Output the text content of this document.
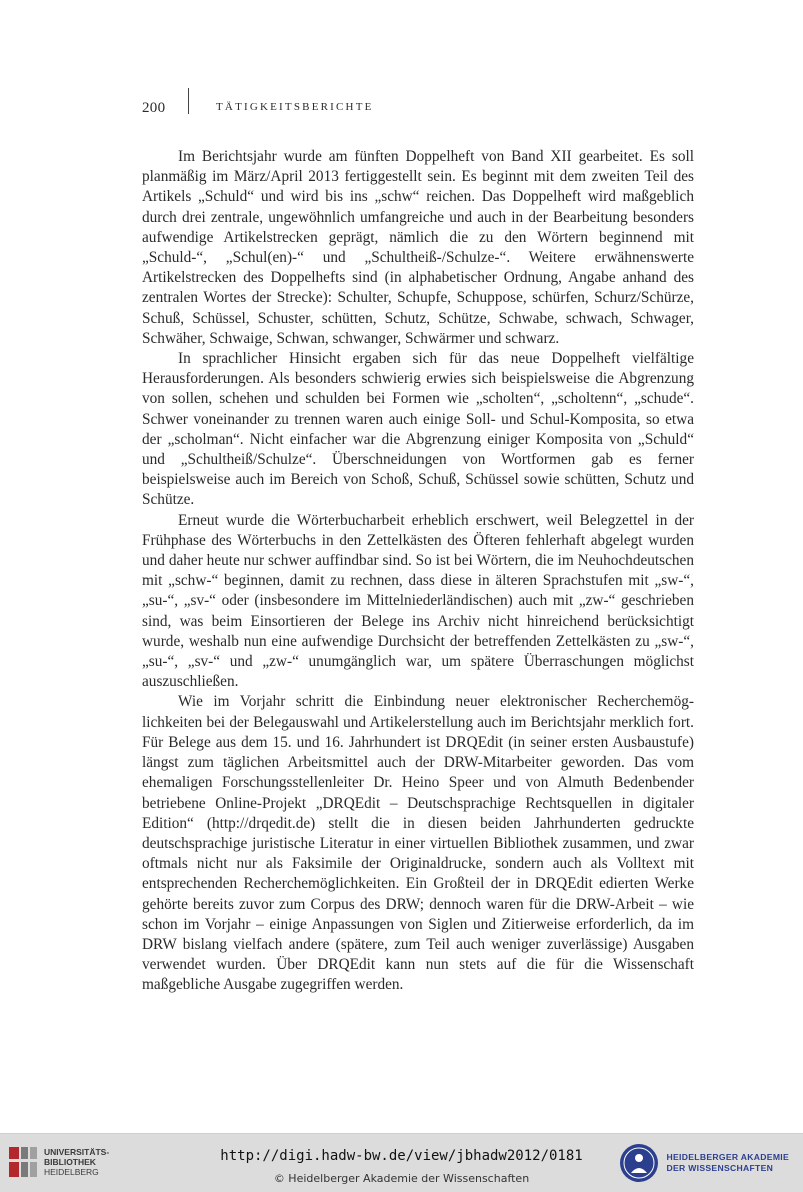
200	TÄTIGKEITSBERICHTE

Im Berichtsjahr wurde am fünften Doppelheft von Band XII gearbeitet. Es soll planmäßig im März/April 2013 fertiggestellt sein. Es beginnt mit dem zweiten Teil des Artikels „Schuld“ und wird bis ins „schw“ reichen. Das Doppelheft wird maßgeblich durch drei zentrale, ungewöhnlich umfangreiche und auch in der Bearbeitung besonders aufwendige Artikelstrecken geprägt, nämlich die zu den Wörtern beginnend mit „Schuld-“, „Schul(en)-“ und „Schultheiß-/Schulze-“. Weitere erwähnenswerte Artikelstrecken des Doppelhefts sind (in alphabetischer Ordnung, Angabe anhand des zentralen Wortes der Strecke): Schulter, Schupfe, Schuppose, schürfen, Schurz/Schürze, Schuß, Schüssel, Schuster, schütten, Schutz, Schütze, Schwabe, schwach, Schwager, Schwäher, Schwaige, Schwan, schwanger, Schwärmer und schwarz.

In sprachlicher Hinsicht ergaben sich für das neue Doppelheft vielfältige Herausforderungen. Als besonders schwierig erwies sich beispielsweise die Abgrenzung von sollen, schehen und schulden bei Formen wie „scholten“, „scholtenn“, „schude“. Schwer voneinander zu trennen waren auch einige Soll- und Schul-Komposita, so etwa der „scholman“. Nicht einfacher war die Abgrenzung einiger Komposita von „Schuld“ und „Schultheiß/Schulze“. Überschneidungen von Wortformen gab es ferner beispielsweise auch im Bereich von Schoß, Schuß, Schüssel sowie schütten, Schutz und Schütze.

Erneut wurde die Wörterbucharbeit erheblich erschwert, weil Belegzettel in der Frühphase des Wörterbuchs in den Zettelkästen des Öfteren fehlerhaft abgelegt wurden und daher heute nur schwer auffindbar sind. So ist bei Wörtern, die im Neuhochdeutschen mit „schw-“ beginnen, damit zu rechnen, dass diese in älteren Sprachstufen mit „sw-“, „su-“, „sv-“ oder (insbesondere im Mittelniederländischen) auch mit „zw-“ geschrieben sind, was beim Einsortieren der Belege ins Archiv nicht hinreichend berücksichtigt wurde, weshalb nun eine aufwendige Durchsicht der betreffenden Zettelkästen zu „sw-“, „su-“, „sv-“ und „zw-“ unumgänglich war, um spätere Überraschungen möglichst auszuschließen.

Wie im Vorjahr schritt die Einbindung neuer elektronischer Recherchemöglichkeiten bei der Belegauswahl und Artikelerstellung auch im Berichtsjahr merklich fort. Für Belege aus dem 15. und 16. Jahrhundert ist DRQEdit (in seiner ersten Ausbaustufe) längst zum täglichen Arbeitsmittel auch der DRW-Mitarbeiter geworden. Das vom ehemaligen Forschungsstellenleiter Dr. Heino Speer und von Almuth Bedenbender betriebene Online-Projekt „DRQEdit – Deutschsprachige Rechtsquellen in digitaler Edition“ (http://drqedit.de) stellt die in diesen beiden Jahrhunderten gedruckte deutschsprachige juristische Literatur in einer virtuellen Bibliothek zusammen, und zwar oftmals nicht nur als Faksimile der Originaldrucke, sondern auch als Volltext mit entsprechenden Recherchemöglichkeiten. Ein Großteil der in DRQEdit edierten Werke gehörte bereits zuvor zum Corpus des DRW; dennoch waren für die DRW-Arbeit – wie schon im Vorjahr – einige Anpassungen von Siglen und Zitierweise erforderlich, da im DRW bislang vielfach andere (spätere, zum Teil auch weniger zuverlässige) Ausgaben verwendet wurden. Über DRQEdit kann nun stets auf die für die Wissenschaft maßgebliche Ausgabe zugegriffen werden.

UNIVERSITÄTS-
BIBLIOTHEK
HEIDELBERG
http://digi.hadw-bw.de/view/jbhadw2012/0181
© Heidelberger Akademie der Wissenschaften
HEIDELBERGER AKADEMIE
DER WISSENSCHAFTEN
